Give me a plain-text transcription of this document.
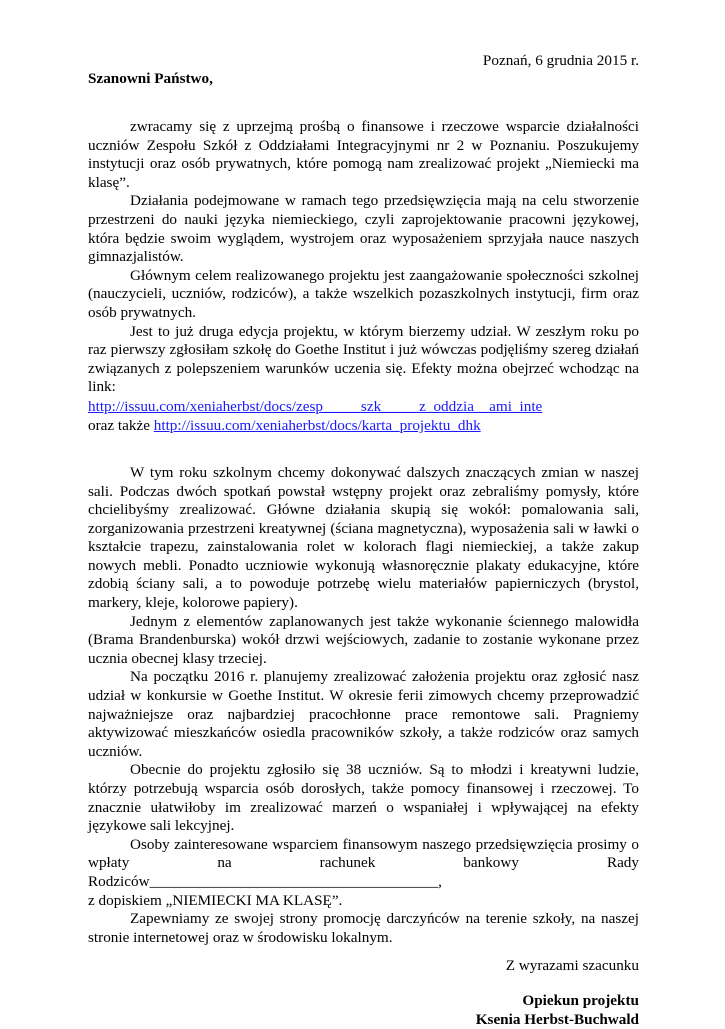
Poznań, 6 grudnia 2015 r.
Szanowni Państwo,

zwracamy się z uprzejmą prośbą o finansowe i rzeczowe wsparcie działalności uczniów Zespołu Szkół z Oddziałami Integracyjnymi nr 2 w Poznaniu. Poszukujemy instytucji oraz osób prywatnych, które pomogą nam zrealizować projekt „Niemiecki ma klasę”.

Działania podejmowane w ramach tego przedsięwzięcia mają na celu stworzenie przestrzeni do nauki języka niemieckiego, czyli zaprojektowanie pracowni językowej, która będzie swoim wyglądem, wystrojem oraz wyposażeniem sprzyjała nauce naszych gimnazjalistów.

Głównym celem realizowanego projektu jest zaangażowanie społeczności szkolnej (nauczycieli, uczniów, rodziców), a także wszelkich pozaszkolnych instytucji, firm oraz osób prywatnych.

Jest to już druga edycja projektu, w którym bierzemy udział. W zeszłym roku po raz pierwszy zgłosiłam szkołę do Goethe Institut i już wówczas podjęliśmy szereg działań związanych z polepszeniem warunków uczenia się. Efekty można obejrzeć wchodząc na link:

http://issuu.com/xeniaherbst/docs/zesp_____szk_____z_oddzia__ami_inte
oraz także http://issuu.com/xeniaherbst/docs/karta_projektu_dhk

W tym roku szkolnym chcemy dokonywać dalszych znaczących zmian w naszej sali. Podczas dwóch spotkań powstał wstępny projekt oraz zebraliśmy pomysły, które chcielibyśmy zrealizować. Główne działania skupią się wokół: pomalowania sali, zorganizowania przestrzeni kreatywnej (ściana magnetyczna), wyposażenia sali w ławki o kształcie trapezu, zainstalowania rolet w kolorach flagi niemieckiej, a także zakup nowych mebli. Ponadto uczniowie wykonują własnoręcznie plakaty edukacyjne, które zdobią ściany sali, a to powoduje potrzebę wielu materiałów papierniczych (brystol, markery, kleje, kolorowe papiery).

Jednym z elementów zaplanowanych jest także wykonanie ściennego malowidła (Brama Brandenburska) wokół drzwi wejściowych, zadanie to zostanie wykonane przez ucznia obecnej klasy trzeciej.

Na początku 2016 r. planujemy zrealizować założenia projektu oraz zgłosić nasz udział w konkursie w Goethe Institut. W okresie ferii zimowych chcemy przeprowadzić najważniejsze oraz najbardziej pracochłonne prace remontowe sali. Pragniemy aktywizować mieszkańców osiedla pracowników szkoły, a także rodziców oraz samych uczniów.

Obecnie do projektu zgłosiło się 38 uczniów. Są to młodzi i kreatywni ludzie, którzy potrzebują wsparcia osób dorosłych, także pomocy finansowej i rzeczowej. To znacznie ułatwiłoby im zrealizować marzeń o wspaniałej i wpływającej na efekty językowe sali lekcyjnej.

Osoby zainteresowane wsparciem finansowym naszego przedsięwzięcia prosimy o wpłaty na rachunek bankowy Rady Rodziców______________________________________,

z dopiskiem „NIEMIECKI MA KLASĘ”.

Zapewniamy ze swojej strony promocję darczyńców na terenie szkoły, na naszej stronie internetowej oraz w środowisku lokalnym.

Z wyrazami szacunku
Opiekun projektu
Ksenia Herbst-Buchwald
